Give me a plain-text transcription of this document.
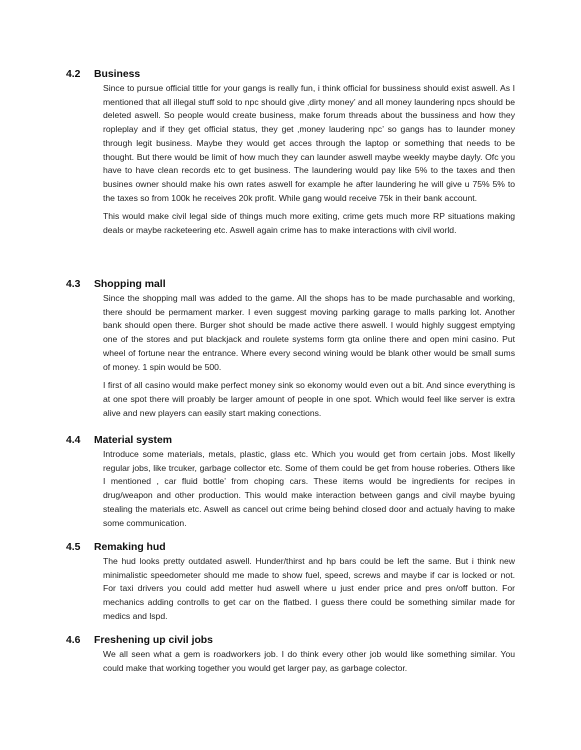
4.2	Business

Since to pursue official tittle for your gangs is really fun, i think official for bussiness should exist aswell. As I mentioned that all illegal stuff sold to npc should give ‚dirty money’ and all money laundering npcs should be deleted aswell. So people would create business, make forum threads about the bussiness and how they ropleplay and if they get official status, they get ‚money laudering npc’ so gangs has to launder money through legit business. Maybe they would get acces through the laptop or something that needs to be thought. But there would be limit of how much they can launder aswell maybe weekly maybe dayly. Ofc you have to have clean records etc to get business. The laundering would pay like 5% to the taxes and then busines owner should make his own rates aswell for example he after laundering he will give u 75% 5% to the taxes so from 100k he receives 20k profit. While gang would receive 75k in their bank account.

This would make civil legal side of things much more exiting, crime gets much more RP situations making deals or maybe racketeering etc. Aswell again crime has to make interactions with civil world.

4.3	Shopping mall

Since the shopping mall was added to the game. All the shops has to be made purchasable and working, there should be permament marker. I even suggest moving parking garage to malls parking lot. Another bank should open there. Burger shot should be made active there aswell. I would highly suggest emptying one of the stores and put blackjack and roulete systems form gta online there and open mini casino. Put wheel of fortune near the entrance. Where every second wining would be blank other would be small sums of money. 1 spin would be 500.

I first of all casino would make perfect money sink so ekonomy would even out a bit. And since everything is at one spot there will proably be larger amount of people in one spot. Which would feel like server is extra alive and new players can easily start making conections.

4.4	Material system

Introduce some materials, metals, plastic, glass etc. Which you would get from certain jobs. Most likelly regular jobs, like trcuker, garbage collector etc. Some of them could be get from house roberies. Others like I mentioned , car fluid bottle’ from choping cars. These items would be ingredients for recipes in drug/weapon and other production. This would make interaction between gangs and civil maybe byuing stealing the materials etc. Aswell as cancel out crime being behind closed door and actualy having to make some communication.

4.5	Remaking hud

The hud looks pretty outdated aswell. Hunder/thirst and hp bars could be left the same. But i think new minimalistic speedometer should me made to show fuel, speed, screws and maybe if car is locked or not. For taxi drivers you could add metter hud aswell where u just ender price and pres on/off button. For mechanics adding controlls to get car on the flatbed. I guess there could be something similar made for medics and lspd.

4.6	Freshening up civil jobs

We all seen what a gem is roadworkers job. I do think every other job would like something similar. You could make that working together you would get larger pay, as garbage colector.
